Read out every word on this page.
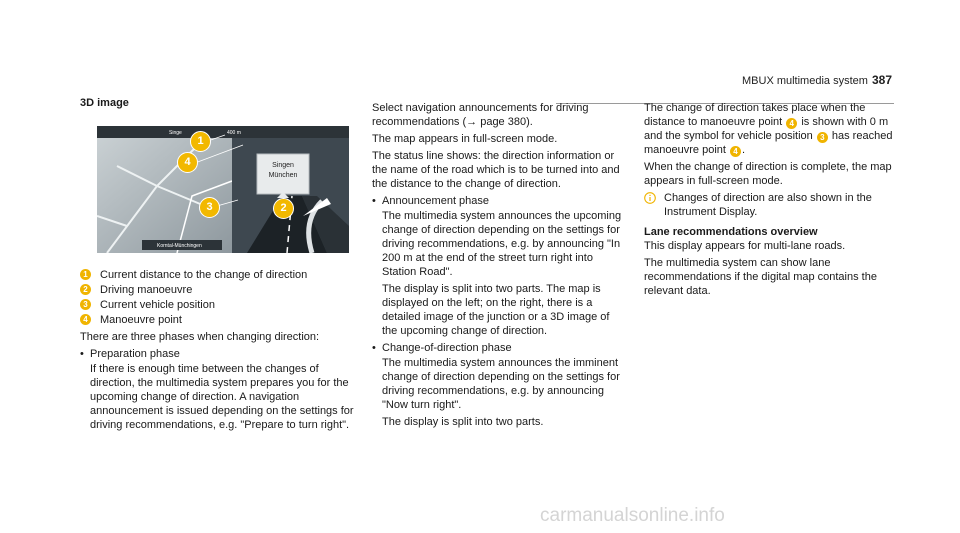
MBUX multimedia system 387
3D image
400 m
Singe
Singen
München
Korntal-Münchingen
1
4
3	2
1 Current distance to the change of direction
2 Driving manoeuvre
3 Current vehicle position
4 Manoeuvre point

There are three phases when changing direction:

• Preparation phase
If there is enough time between the changes of direction, the multimedia system prepares you for the upcoming change of direction. A navigation announcement is issued depending on the settings for driving recommendations, e.g. "Prepare to turn right".

Select navigation announcements for driving recommendations (→ page 380).

The map appears in full-screen mode.

The status line shows: the direction information or the name of the road which is to be turned into and the distance to the change of direction.

• Announcement phase
The multimedia system announces the upcoming change of direction depending on the settings for driving recommendations, e.g. by announcing "In 200 m at the end of the street turn right into Station Road".
The display is split into two parts. The map is displayed on the left; on the right, there is a detailed image of the junction or a 3D image of the upcoming change of direction.
• Change-of-direction phase
The multimedia system announces the imminent change of direction depending on the settings for driving recommendations, e.g. by announcing "Now turn right".
The display is split into two parts.

The change of direction takes place when the distance to manoeuvre point 4 is shown with 0 m and the symbol for vehicle position 3 has reached manoeuvre point 4 .

When the change of direction is complete, the map appears in full-screen mode.

Changes of direction are also shown in the Instrument Display.
Lane recommendations overview

This display appears for multi-lane roads.

The multimedia system can show lane recommendations if the digital map contains the relevant data.

carmanualsonline.info
